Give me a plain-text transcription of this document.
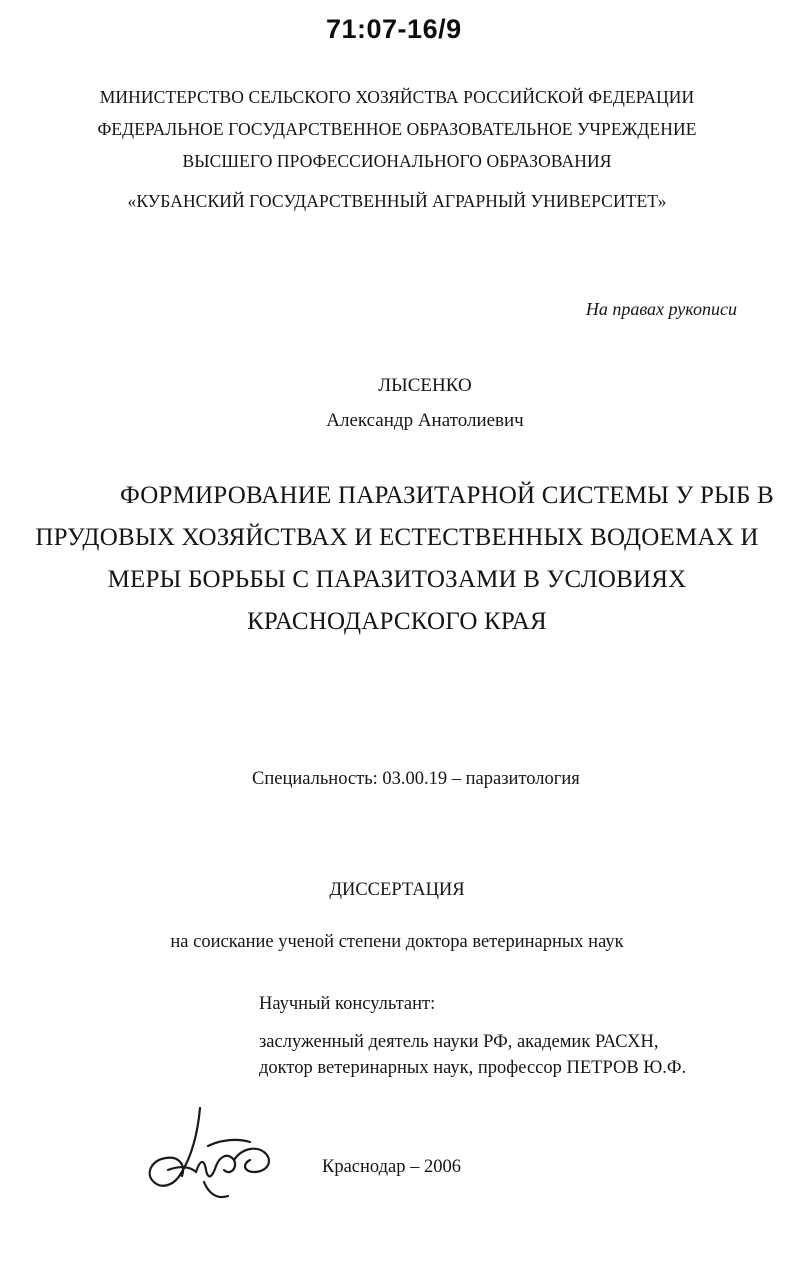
71:07-16/9
МИНИСТЕРСТВО СЕЛЬСКОГО ХОЗЯЙСТВА РОССИЙСКОЙ ФЕДЕРАЦИИ
ФЕДЕРАЛЬНОЕ ГОСУДАРСТВЕННОЕ ОБРАЗОВАТЕЛЬНОЕ УЧРЕЖДЕНИЕ
ВЫСШЕГО ПРОФЕССИОНАЛЬНОГО ОБРАЗОВАНИЯ
«КУБАНСКИЙ ГОСУДАРСТВЕННЫЙ АГРАРНЫЙ УНИВЕРСИТЕТ»
На правах рукописи
ЛЫСЕНКО
Александр Анатолиевич
ФОРМИРОВАНИЕ ПАРАЗИТАРНОЙ СИСТЕМЫ У РЫБ В
ПРУДОВЫХ ХОЗЯЙСТВАХ И ЕСТЕСТВЕННЫХ ВОДОЕМАХ И
МЕРЫ БОРЬБЫ С ПАРАЗИТОЗАМИ В УСЛОВИЯХ
КРАСНОДАРСКОГО КРАЯ
Специальность: 03.00.19 – паразитология
ДИССЕРТАЦИЯ
на соискание ученой степени доктора ветеринарных наук
Научный консультант:
заслуженный деятель науки РФ, академик РАСХН,
доктор ветеринарных наук, профессор ПЕТРОВ Ю.Ф.
Краснодар – 2006
